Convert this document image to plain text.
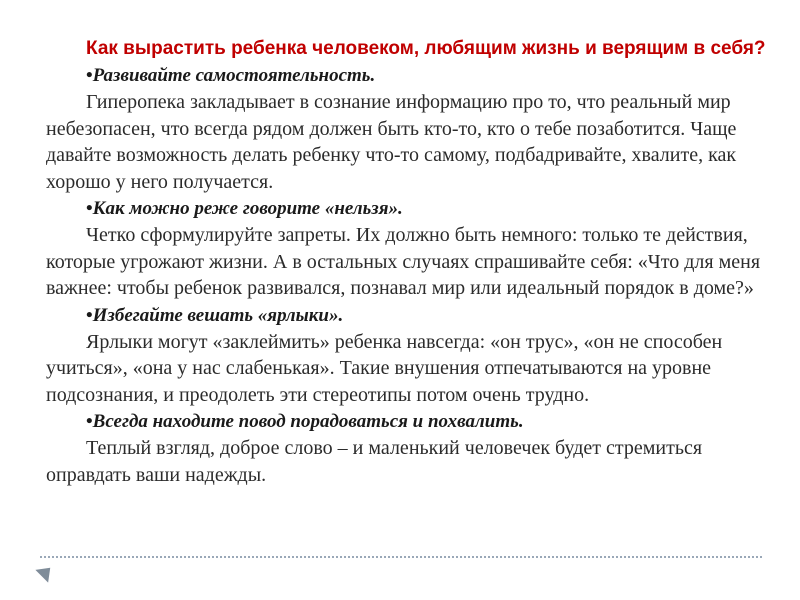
Как вырастить ребенка человеком, любящим жизнь и верящим в себя?

•Развивайте самостоятельность.

Гиперопека закладывает в сознание информацию про то, что реальный мир небезопасен, что всегда рядом должен быть кто-то, кто о тебе позаботится. Чаще давайте возможность делать ребенку что-то самому, подбадривайте, хвалите, как хорошо у него получается.

•Как можно реже говорите «нельзя».

Четко сформулируйте запреты. Их должно быть немного: только те действия, которые угрожают жизни. А в остальных случаях спрашивайте себя: «Что для меня важнее: чтобы ребенок развивался, познавал мир или идеальный порядок в доме?»

•Избегайте вешать «ярлыки».

Ярлыки могут «заклеймить» ребенка навсегда: «он трус», «он не способен учиться», «она у нас слабенькая». Такие внушения отпечатываются на уровне подсознания, и преодолеть эти стереотипы потом очень трудно.

•Всегда находите повод порадоваться и похвалить.

Теплый взгляд, доброе слово – и маленький человечек будет стремиться оправдать ваши надежды.
